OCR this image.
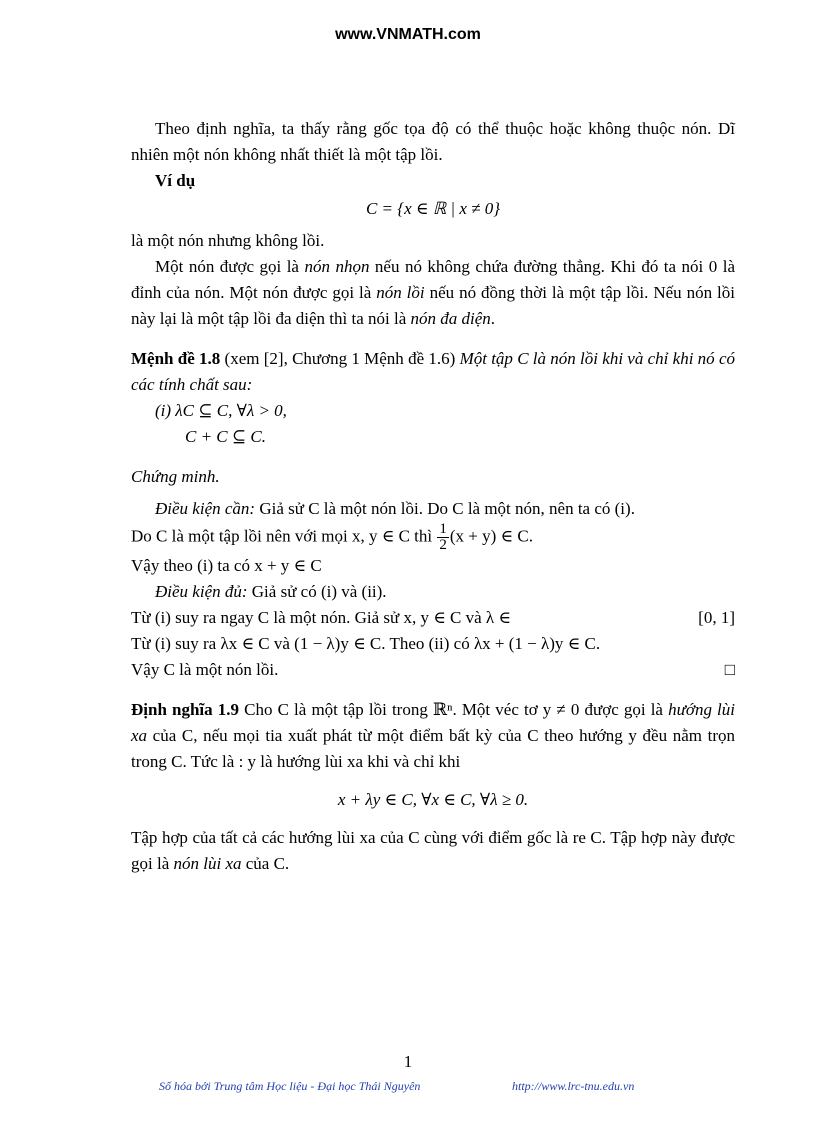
www.VNMATH.com

Theo định nghĩa, ta thấy rằng gốc tọa độ có thể thuộc hoặc không thuộc nón. Dĩ nhiên một nón không nhất thiết là một tập lồi.

Ví dụ

C = {x ∈ ℝ | x ≠ 0}

là một nón nhưng không lồi.

Một nón được gọi là nón nhọn nếu nó không chứa đường thẳng. Khi đó ta nói 0 là đỉnh của nón. Một nón được gọi là nón lồi nếu nó đồng thời là một tập lồi. Nếu nón lồi này lại là một tập lồi đa diện thì ta nói là nón đa diện.

Mệnh đề 1.8 (xem [2], Chương 1 Mệnh đề 1.6) Một tập C là nón lồi khi và chỉ khi nó có các tính chất sau:

(i) λC ⊆ C, ∀λ > 0,

C + C ⊆ C.

Chứng minh.

Điều kiện cần: Giả sử C là một nón lồi. Do C là một nón, nên ta có (i).

Do C là một tập lồi nên với mọi x, y ∈ C thì $\frac{1}{2} (x + y)$ ∈ C.

Vậy theo (i) ta có x + y ∈ C

Điều kiện đủ: Giả sử có (i) và (ii).

Từ (i) suy ra ngay C là một nón. Giả sử x, y ∈ C và λ ∈	[0, 1]

Từ (i) suy ra λx ∈ C và (1 − λ)y ∈ C. Theo (ii) có λx + (1 − λ)y ∈ C.

Vậy C là một nón lồi.	□

Định nghĩa 1.9 Cho C là một tập lồi trong ℝⁿ. Một véc tơ y ≠ 0 được gọi là hướng lùi xa của C, nếu mọi tia xuất phát từ một điểm bất kỳ của C theo hướng y đều nằm trọn trong C. Tức là : y là hướng lùi xa khi và chỉ khi

x + λy ∈ C, ∀x ∈ C, ∀λ ≥ 0.

Tập hợp của tất cả các hướng lùi xa của C cùng với điểm gốc là re C. Tập hợp này được gọi là nón lùi xa của C.

1
Số hóa bởi Trung tâm Học liệu - Đại học Thái Nguyên	http://www.lrc-tnu.edu.vn
